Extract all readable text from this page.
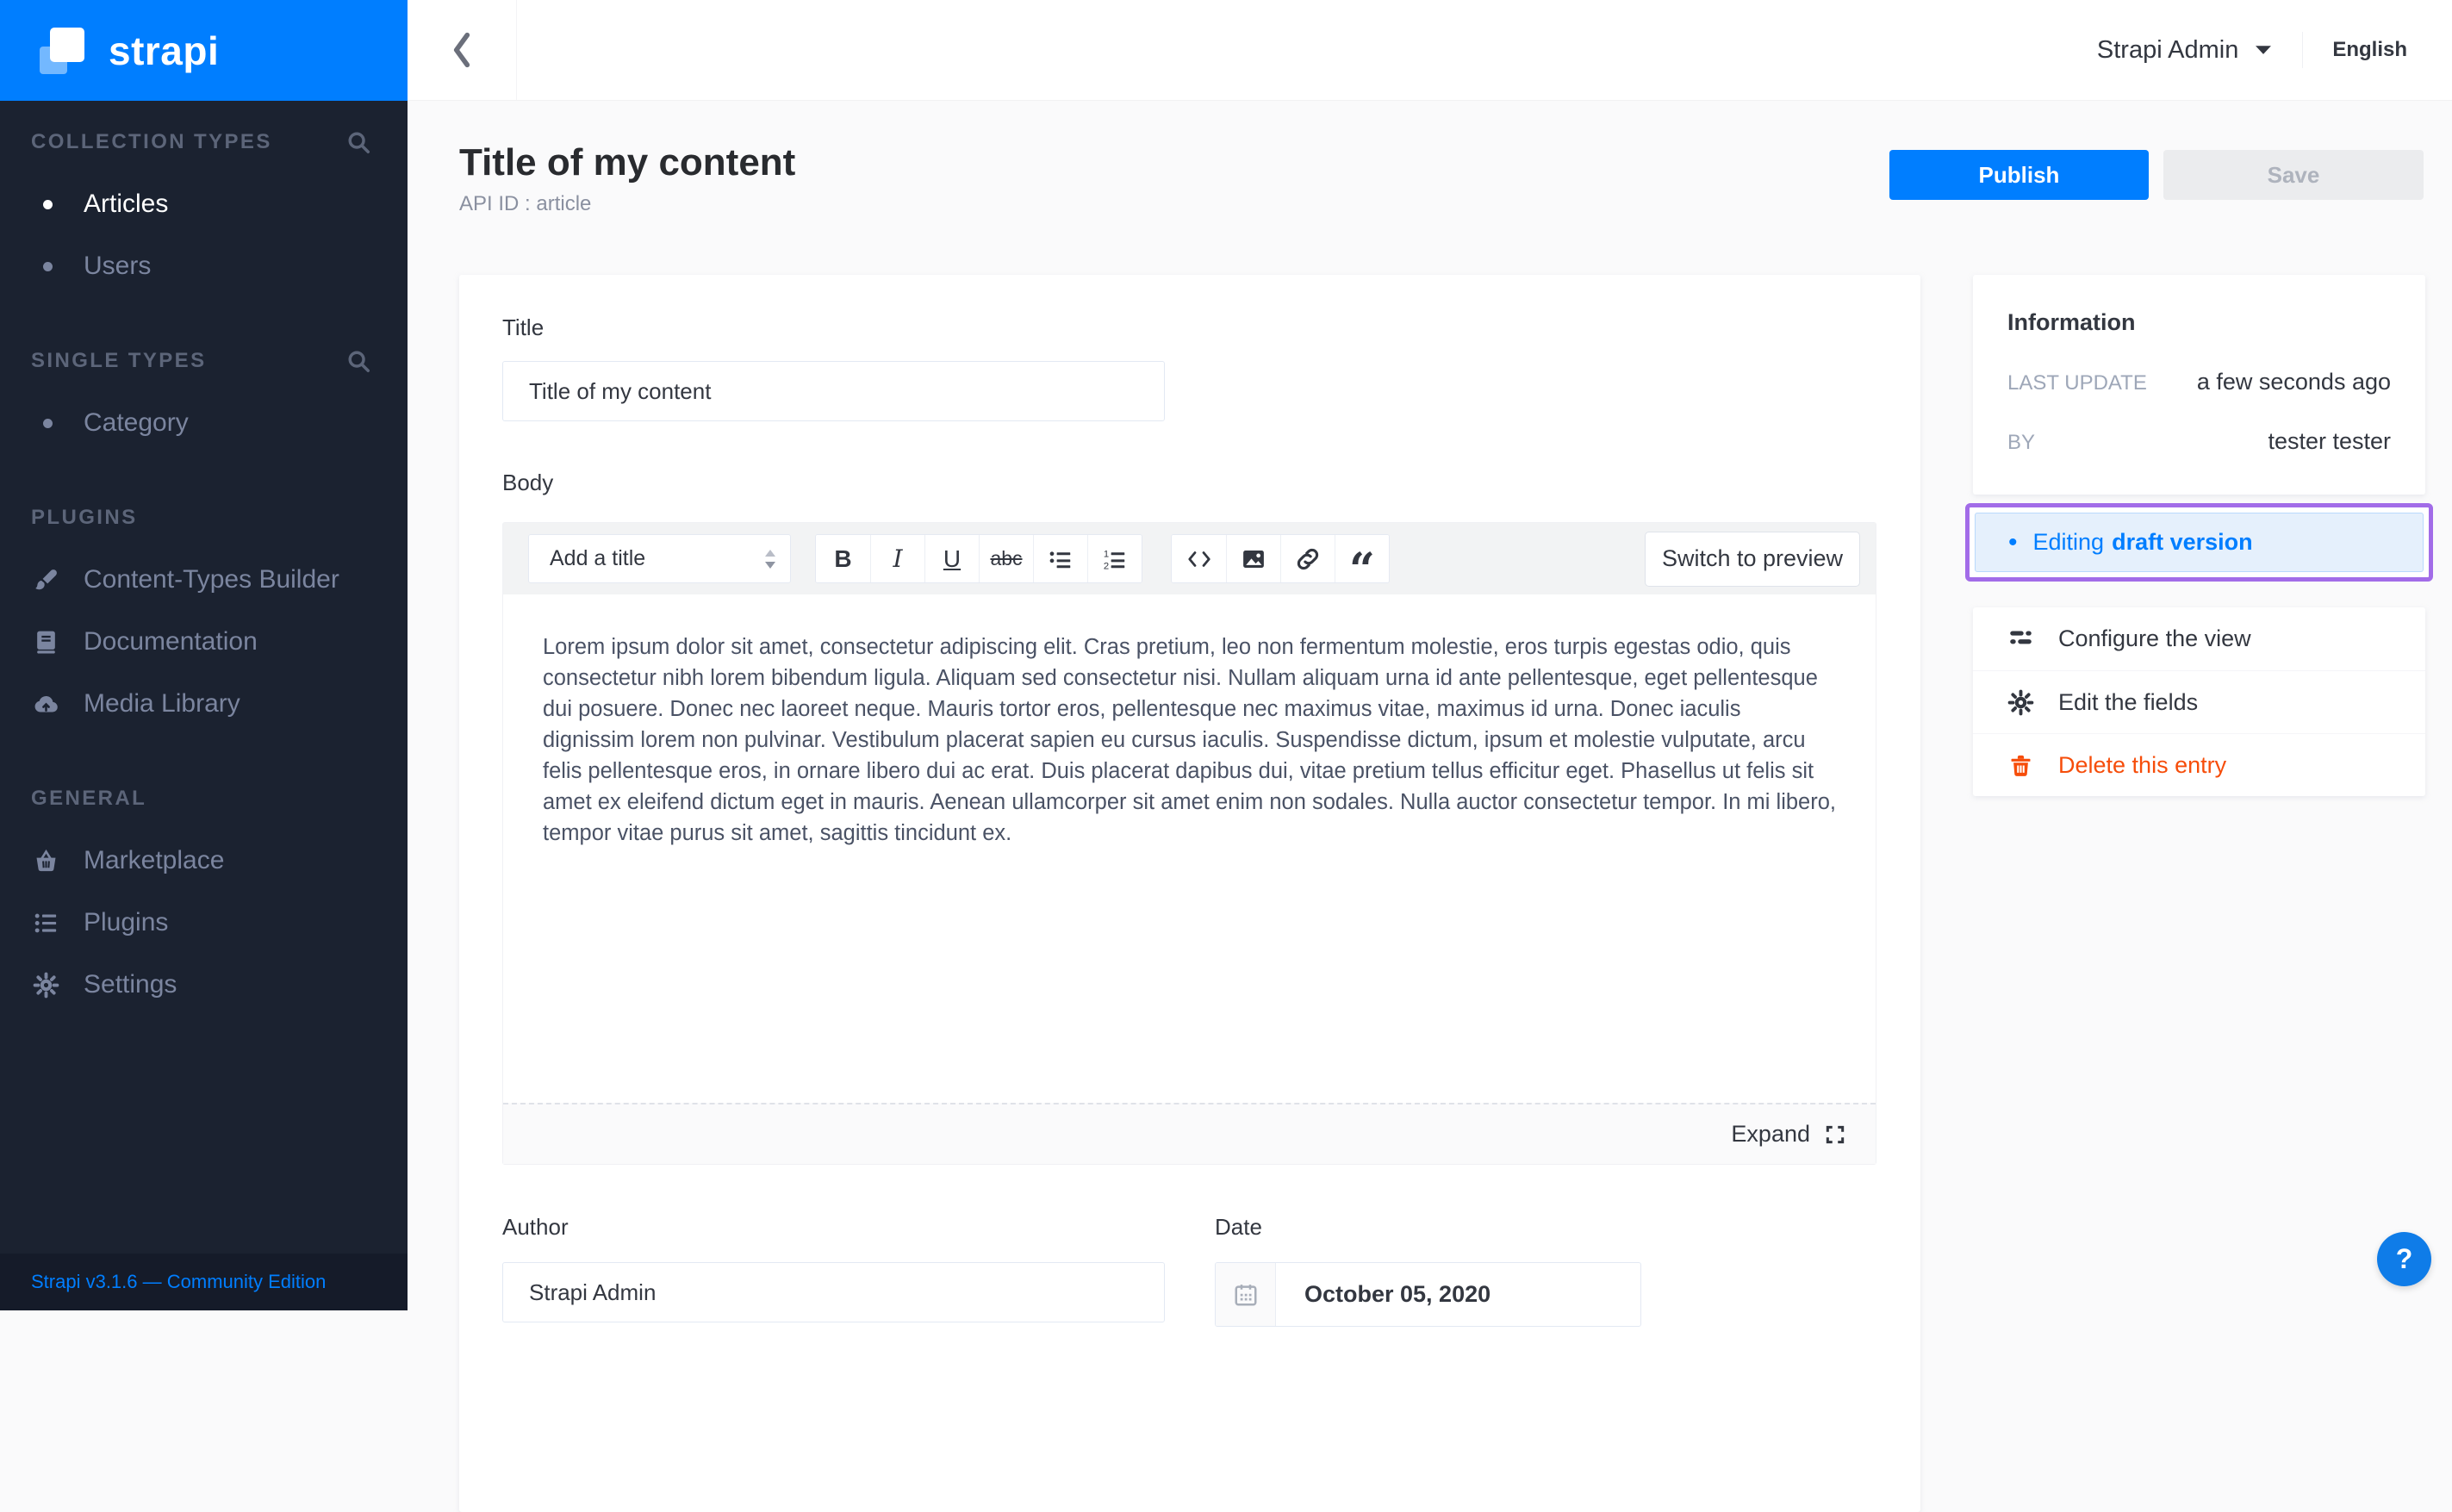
strapi
COLLECTION TYPES
Articles
Users
SINGLE TYPES
Category
PLUGINS
Content-Types Builder
Documentation
Media Library
GENERAL
Marketplace
Plugins
Settings
Strapi v3.1.6 — Community Edition
Strapi Admin	English
Title of my content
API ID : article
Publish	Save
Title
Title of my content
Body
Add a title	B	I	U	abc	1
2	“	Switch to preview

Lorem ipsum dolor sit amet, consectetur adipiscing elit. Cras pretium, leo non fermentum molestie, eros turpis egestas odio, quis consectetur nibh lorem bibendum ligula. Aliquam sed consectetur nisi. Nullam aliquam urna id ante pellentesque, eget pellentesque dui posuere. Donec nec laoreet neque. Mauris tortor eros, pellentesque nec maximus vitae, maximus id urna. Donec iaculis dignissim lorem non pulvinar. Vestibulum placerat sapien eu cursus iaculis. Suspendisse dictum, ipsum et molestie vulputate, arcu felis pellentesque eros, in ornare libero dui ac erat. Duis placerat dapibus dui, vitae pretium tellus efficitur eget. Phasellus ut felis sit amet ex eleifend dictum eget in mauris. Aenean ullamcorper sit amet enim non sodales. Nulla auctor consectetur tempor. In mi libero, tempor vitae purus sit amet, sagittis tincidunt ex.

Expand
Author
Strapi Admin
Date
October 05, 2020
Information
LAST UPDATE a few seconds ago
BY	tester tester
• Editing draft version
Configure the view
Edit the fields
Delete this entry
?
